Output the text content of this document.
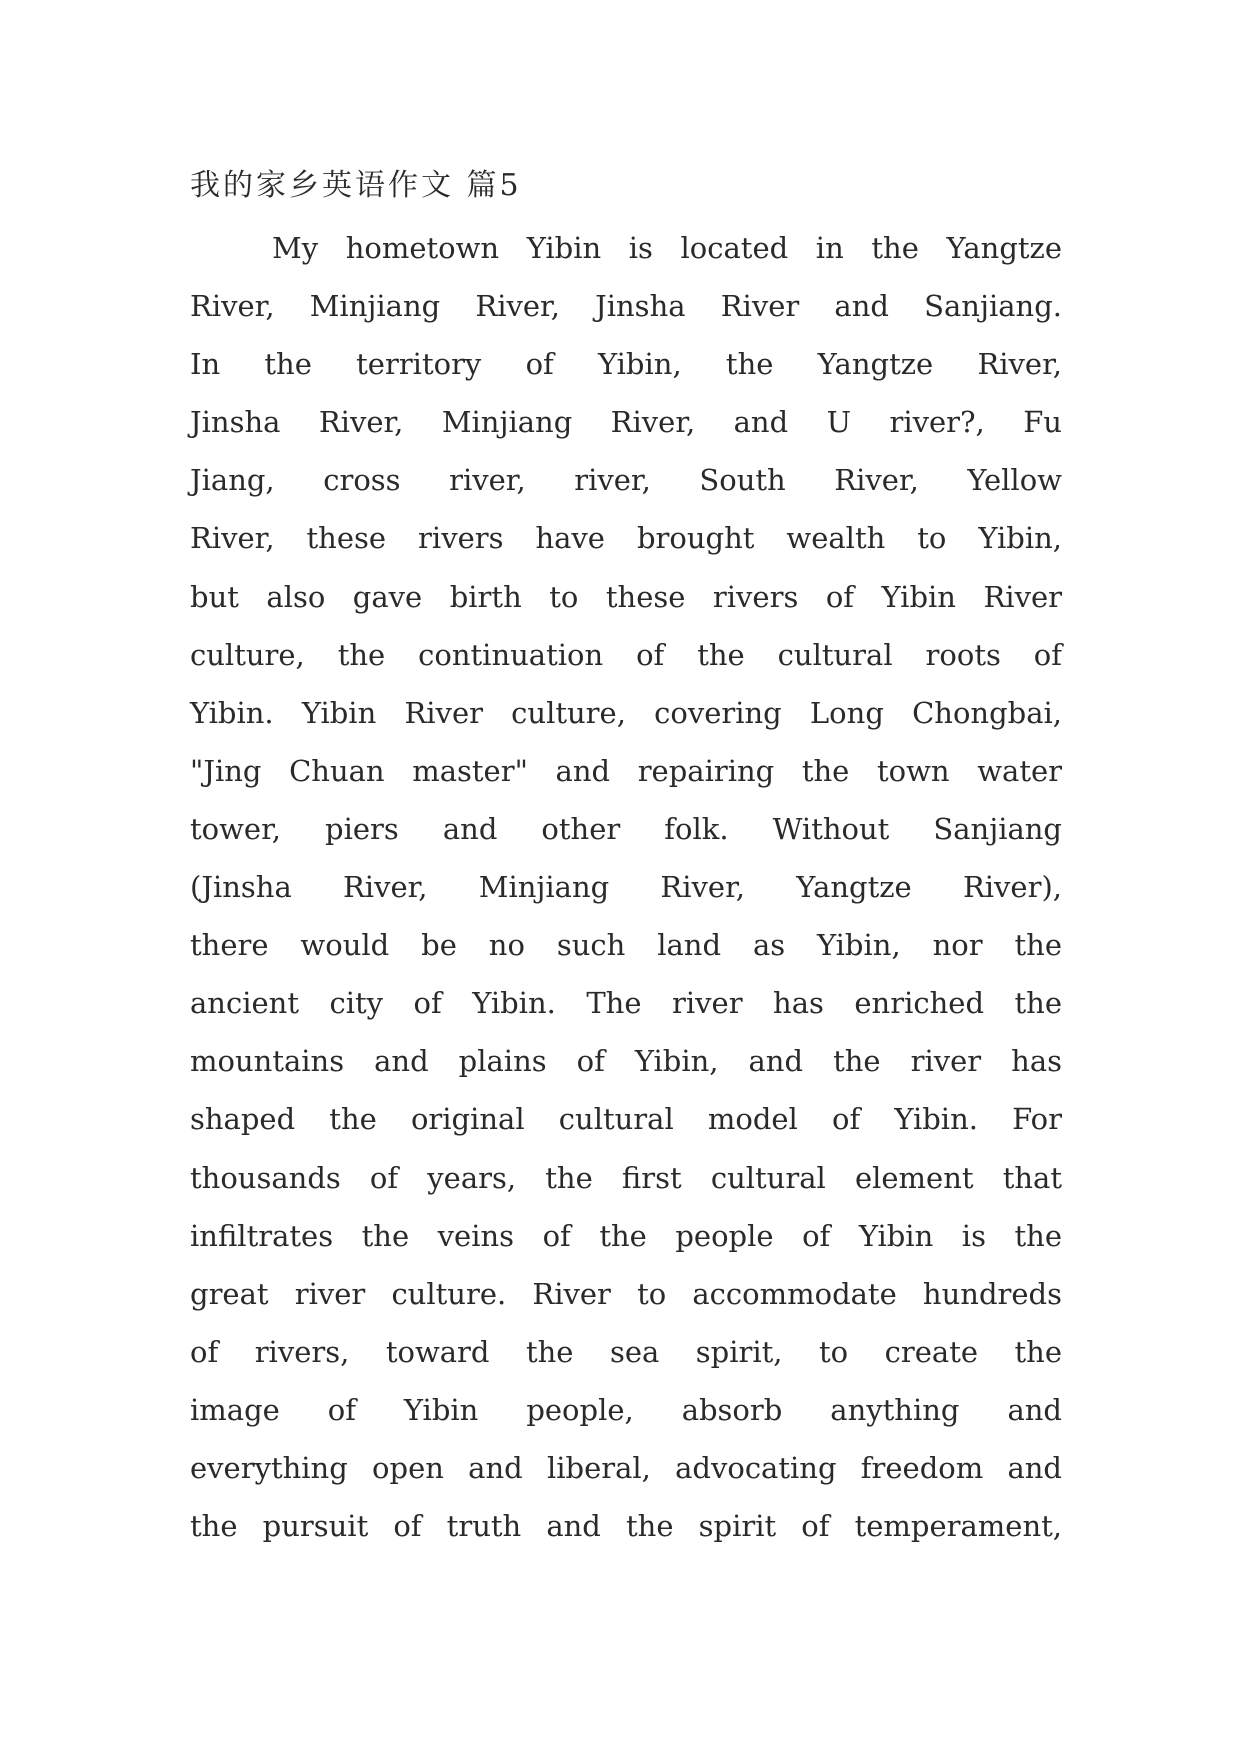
我的家乡英语作文 篇5
My hometown Yibin is located in the Yangtze
River, Minjiang River, Jinsha River and Sanjiang.
In the territory of Yibin, the Yangtze River,
Jinsha River, Minjiang River, and U river?, Fu
Jiang, cross river, river, South River, Yellow
River, these rivers have brought wealth to Yibin,
but also gave birth to these rivers of Yibin River
culture, the continuation of the cultural roots of
Yibin. Yibin River culture, covering Long Chongbai,
"Jing Chuan master" and repairing the town water
tower, piers and other folk. Without Sanjiang
(Jinsha River, Minjiang River, Yangtze River),
there would be no such land as Yibin, nor the
ancient city of Yibin. The river has enriched the
mountains and plains of Yibin, and the river has
shaped the original cultural model of Yibin. For
thousands of years, the first cultural element that
infiltrates the veins of the people of Yibin is the
great river culture. River to accommodate hundreds
of rivers, toward the sea spirit, to create the
image of Yibin people, absorb anything and
everything open and liberal, advocating freedom and
the pursuit of truth and the spirit of temperament,
